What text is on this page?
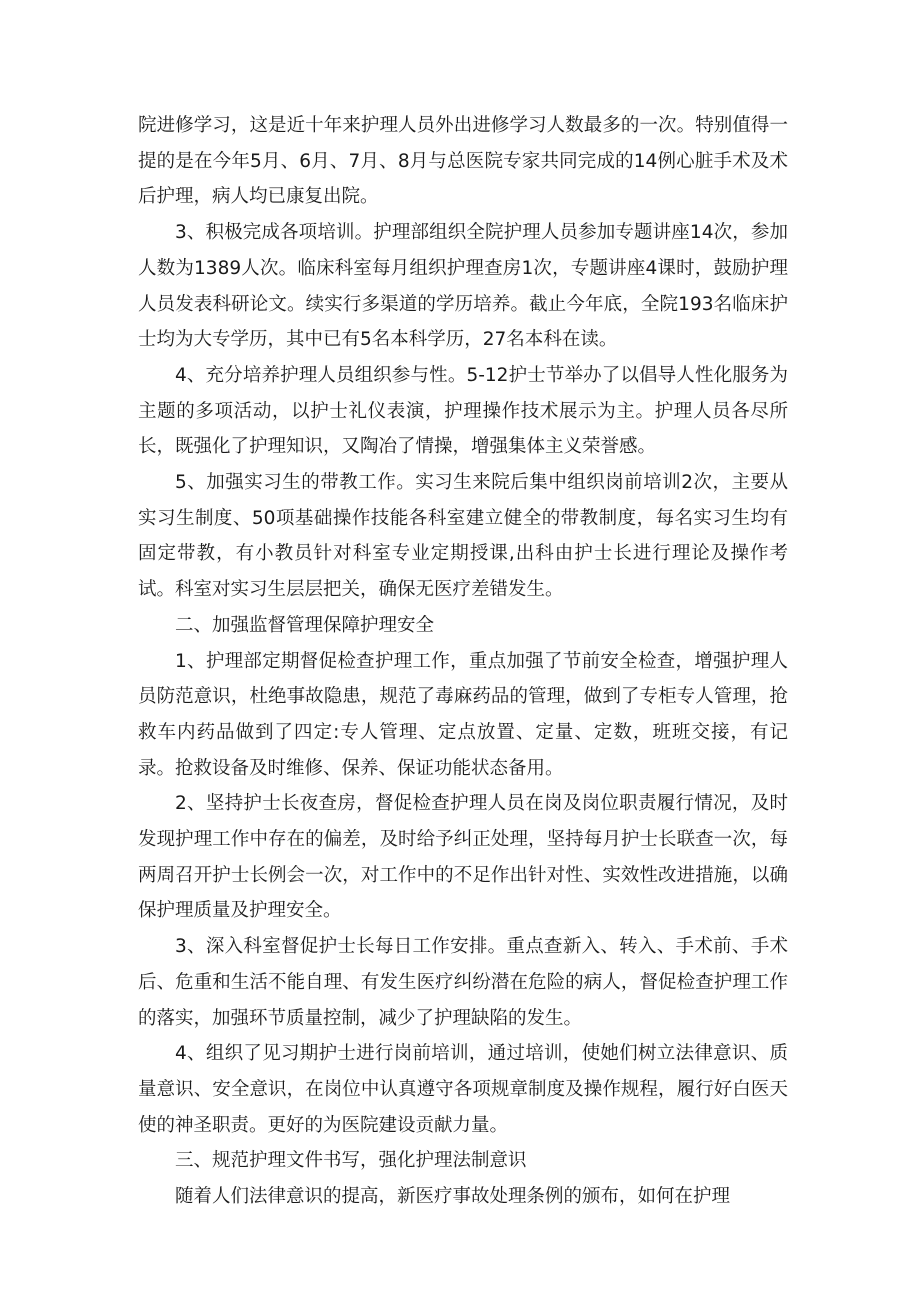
院进修学习，这是近十年来护理人员外出进修学习人数最多的一次。特别值得一提的是在今年5月、6月、7月、8月与总医院专家共同完成的14例心脏手术及术后护理，病人均已康复出院。

3、积极完成各项培训。护理部组织全院护理人员参加专题讲座14次，参加人数为1389人次。临床科室每月组织护理查房1次，专题讲座4课时，鼓励护理人员发表科研论文。续实行多渠道的学历培养。截止今年底，全院193名临床护士均为大专学历，其中已有5名本科学历，27名本科在读。

4、充分培养护理人员组织参与性。5-12护士节举办了以倡导人性化服务为主题的多项活动，以护士礼仪表演，护理操作技术展示为主。护理人员各尽所长，既强化了护理知识，又陶冶了情操，增强集体主义荣誉感。

5、加强实习生的带教工作。实习生来院后集中组织岗前培训2次，主要从实习生制度、50项基础操作技能各科室建立健全的带教制度，每名实习生均有固定带教，有小教员针对科室专业定期授课,出科由护士长进行理论及操作考试。科室对实习生层层把关，确保无医疗差错发生。

二、加强监督管理保障护理安全

1、护理部定期督促检查护理工作，重点加强了节前安全检查，增强护理人员防范意识，杜绝事故隐患，规范了毒麻药品的管理，做到了专柜专人管理，抢救车内药品做到了四定:专人管理、定点放置、定量、定数，班班交接，有记录。抢救设备及时维修、保养、保证功能状态备用。

2、坚持护士长夜查房，督促检查护理人员在岗及岗位职责履行情况，及时发现护理工作中存在的偏差，及时给予纠正处理，坚持每月护士长联查一次，每两周召开护士长例会一次，对工作中的不足作出针对性、实效性改进措施，以确保护理质量及护理安全。

3、深入科室督促护士长每日工作安排。重点查新入、转入、手术前、手术后、危重和生活不能自理、有发生医疗纠纷潜在危险的病人，督促检查护理工作的落实，加强环节质量控制，减少了护理缺陷的发生。

4、组织了见习期护士进行岗前培训，通过培训，使她们树立法律意识、质量意识、安全意识，在岗位中认真遵守各项规章制度及操作规程，履行好白医天使的神圣职责。更好的为医院建设贡献力量。

三、规范护理文件书写，强化护理法制意识

随着人们法律意识的提高，新医疗事故处理条例的颁布，如何在护理
